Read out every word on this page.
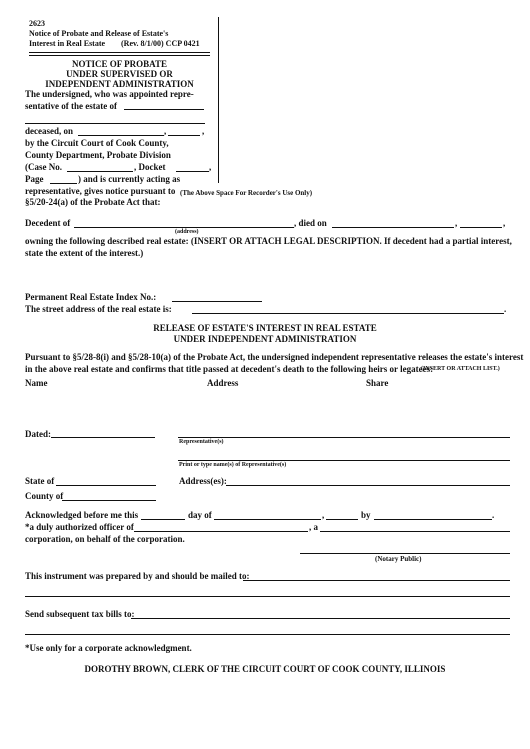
2623
Notice of Probate and Release of Estate's
Interest in Real Estate (Rev. 8/1/00) CCP 0421
NOTICE OF PROBATE
UNDER SUPERVISED OR
INDEPENDENT ADMINISTRATION
The undersigned, who was appointed repre-
sentative of the estate of
deceased, on	,	,
by the Circuit Court of Cook County,
County Department, Probate Division
(Case No.	, Docket	,
Page	) and is currently acting as
representative, gives notice pursuant to (The Above Space For Recorder's Use Only)
§5/20-24(a) of the Probate Act that:
Decedent of	, died on	,	,
(address)
owning the following described real estate: (INSERT OR ATTACH LEGAL DESCRIPTION. If decedent had a partial interest,
state the extent of the interest.)
Permanent Real Estate Index No.:
The street address of the real estate is:	.
RELEASE OF ESTATE'S INTEREST IN REAL ESTATE
UNDER INDEPENDENT ADMINISTRATION
Pursuant to §5/28-8(i) and §5/28-10(a) of the Probate Act, the undersigned independent representative releases the estate's interest
in the above real estate and confirms that title passed at decedent's death to the following heirs or legatees:
(INSERT OR ATTACH LIST.)
Name	Address	Share
Dated:
Representative(s)
Print or type name(s) of Representative(s)
State of	Address(es):
County of
Acknowledged before me this	day of	,	by	.
*a duly authorized officer of	, a
corporation, on behalf of the corporation.
(Notary Public)
This instrument was prepared by and should be mailed to:
Send subsequent tax bills to:
*Use only for a corporate acknowledgment.
DOROTHY BROWN, CLERK OF THE CIRCUIT COURT OF COOK COUNTY, ILLINOIS
